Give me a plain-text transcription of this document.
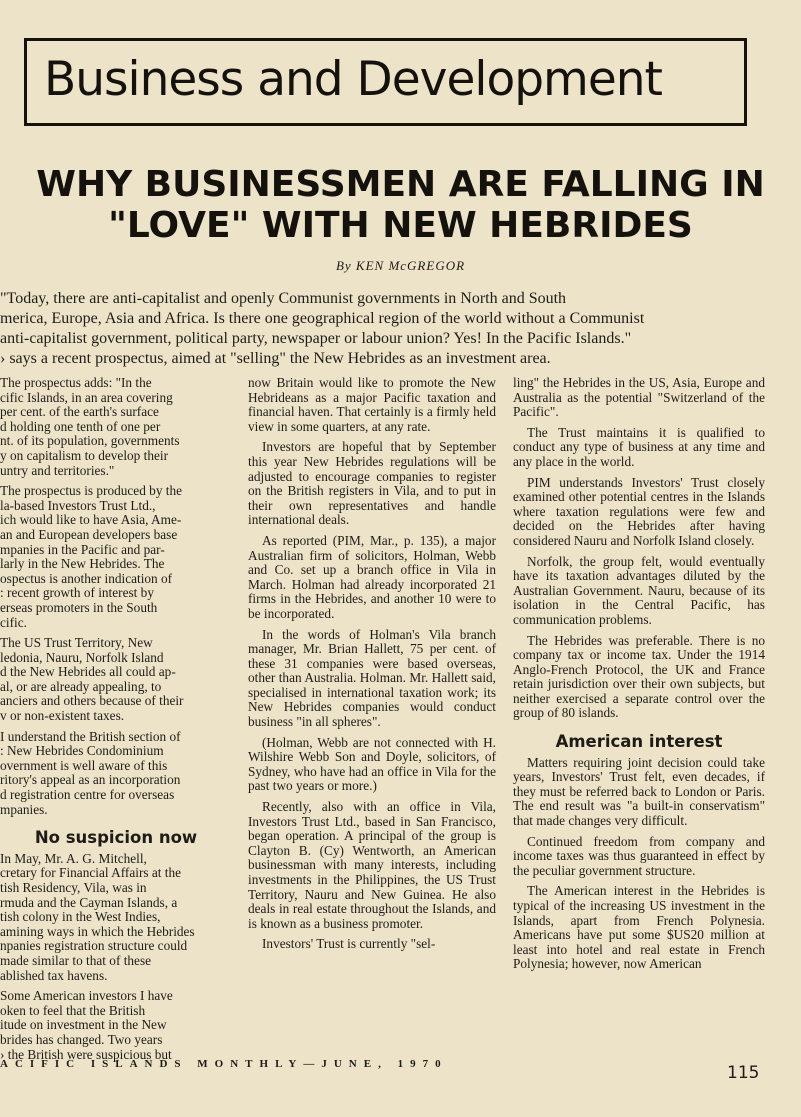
Business and Development
WHY BUSINESSMEN ARE FALLING IN
"LOVE" WITH NEW HEBRIDES
By KEN McGREGOR
"Today, there are anti-capitalist and openly Communist governments in North and South
merica, Europe, Asia and Africa. Is there one geographical region of the world without a Communist
anti-capitalist government, political party, newspaper or labour union? Yes! In the Pacific Islands."
› says a recent prospectus, aimed at "selling" the New Hebrides as an investment area.

The prospectus adds: "In the
cific Islands, in an area covering
per cent. of the earth's surface
d holding one tenth of one per
nt. of its population, governments
y on capitalism to develop their
untry and territories."

The prospectus is produced by the
la-based Investors Trust Ltd.,
ich would like to have Asia, Ame-
an and European developers base
mpanies in the Pacific and par-
larly in the New Hebrides. The
ospectus is another indication of
: recent growth of interest by
erseas promoters in the South
cific.

The US Trust Territory, New
ledonia, Nauru, Norfolk Island
d the New Hebrides all could ap-
al, or are already appealing, to
anciers and others because of their
v or non-existent taxes.

I understand the British section of
: New Hebrides Condominium
overnment is well aware of this
ritory's appeal as an incorporation
d registration centre for overseas
mpanies.

No suspicion now

In May, Mr. A. G. Mitchell,
cretary for Financial Affairs at the
tish Residency, Vila, was in
rmuda and the Cayman Islands, a
tish colony in the West Indies,
amining ways in which the Hebrides
npanies registration structure could
made similar to that of these
ablished tax havens.

Some American investors I have
oken to feel that the British
itude on investment in the New
brides has changed. Two years
› the British were suspicious but

now Britain would like to promote the New Hebrideans as a major Pacific taxation and financial haven. That certainly is a firmly held view in some quarters, at any rate.

Investors are hopeful that by September this year New Hebrides regulations will be adjusted to encourage companies to register on the British registers in Vila, and to put in their own representatives and handle international deals.

As reported (PIM, Mar., p. 135), a major Australian firm of solicitors, Holman, Webb and Co. set up a branch office in Vila in March. Holman had already incorporated 21 firms in the Hebrides, and another 10 were to be incorporated.

In the words of Holman's Vila branch manager, Mr. Brian Hallett, 75 per cent. of these 31 companies were based overseas, other than Australia. Holman. Mr. Hallett said, specialised in international taxation work; its New Hebrides companies would conduct business "in all spheres".

(Holman, Webb are not connected with H. Wilshire Webb Son and Doyle, solicitors, of Sydney, who have had an office in Vila for the past two years or more.)

Recently, also with an office in Vila, Investors Trust Ltd., based in San Francisco, began operation. A principal of the group is Clayton B. (Cy) Wentworth, an American businessman with many interests, including investments in the Philippines, the US Trust Territory, Nauru and New Guinea. He also deals in real estate throughout the Islands, and is known as a business promoter.

Investors' Trust is currently "sel-

ling" the Hebrides in the US, Asia, Europe and Australia as the potential "Switzerland of the Pacific".

The Trust maintains it is qualified to conduct any type of business at any time and any place in the world.

PIM understands Investors' Trust closely examined other potential centres in the Islands where taxation regulations were few and decided on the Hebrides after having considered Nauru and Norfolk Island closely.

Norfolk, the group felt, would eventually have its taxation advantages diluted by the Australian Government. Nauru, because of its isolation in the Central Pacific, has communication problems.

The Hebrides was preferable. There is no company tax or income tax. Under the 1914 Anglo-French Protocol, the UK and France retain jurisdiction over their own subjects, but neither exercised a separate control over the group of 80 islands.

American interest

Matters requiring joint decision could take years, Investors' Trust felt, even decades, if they must be referred back to London or Paris. The end result was "a built-in conservatism" that made changes very difficult.

Continued freedom from company and income taxes was thus guaranteed in effect by the peculiar government structure.

The American interest in the Hebrides is typical of the increasing US investment in the Islands, apart from French Polynesia. Americans have put some $US20 million at least into hotel and real estate in French Polynesia; however, now American

ACIFIC ISLANDS MONTHLY—JUNE, 1970	115
